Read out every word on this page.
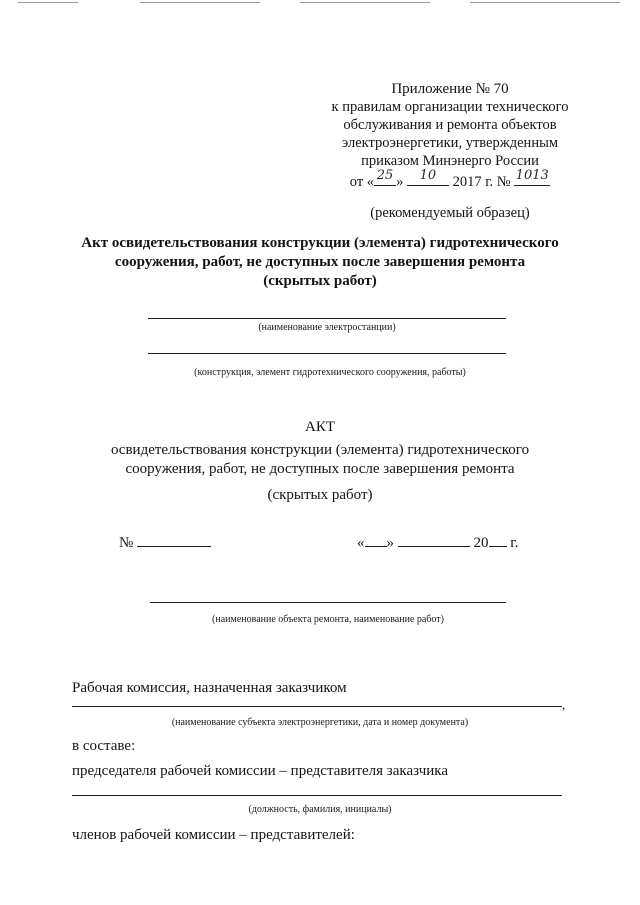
Приложение № 70
к правилам организации технического
обслуживания и ремонта объектов
электроэнергетики, утвержденным
приказом Минэнерго России
от « 25 »	10	2017 г. № 1013
(рекомендуемый образец)
Акт освидетельствования конструкции (элемента) гидротехнического
сооружения, работ, не доступных после завершения ремонта
(скрытых работ)
(наименование электростанции)
(конструкция, элемент гидротехнического сооружения, работы)
АКТ
освидетельствования конструкции (элемента) гидротехнического
сооружения, работ, не доступных после завершения ремонта
(скрытых работ)
№	« »	20 г.
(наименование объекта ремонта, наименование работ)
Рабочая комиссия, назначенная заказчиком
,
(наименование субъекта электроэнергетики, дата и номер документа)
в составе:
председателя рабочей комиссии – представителя заказчика
(должность, фамилия, инициалы)
членов рабочей комиссии – представителей:
